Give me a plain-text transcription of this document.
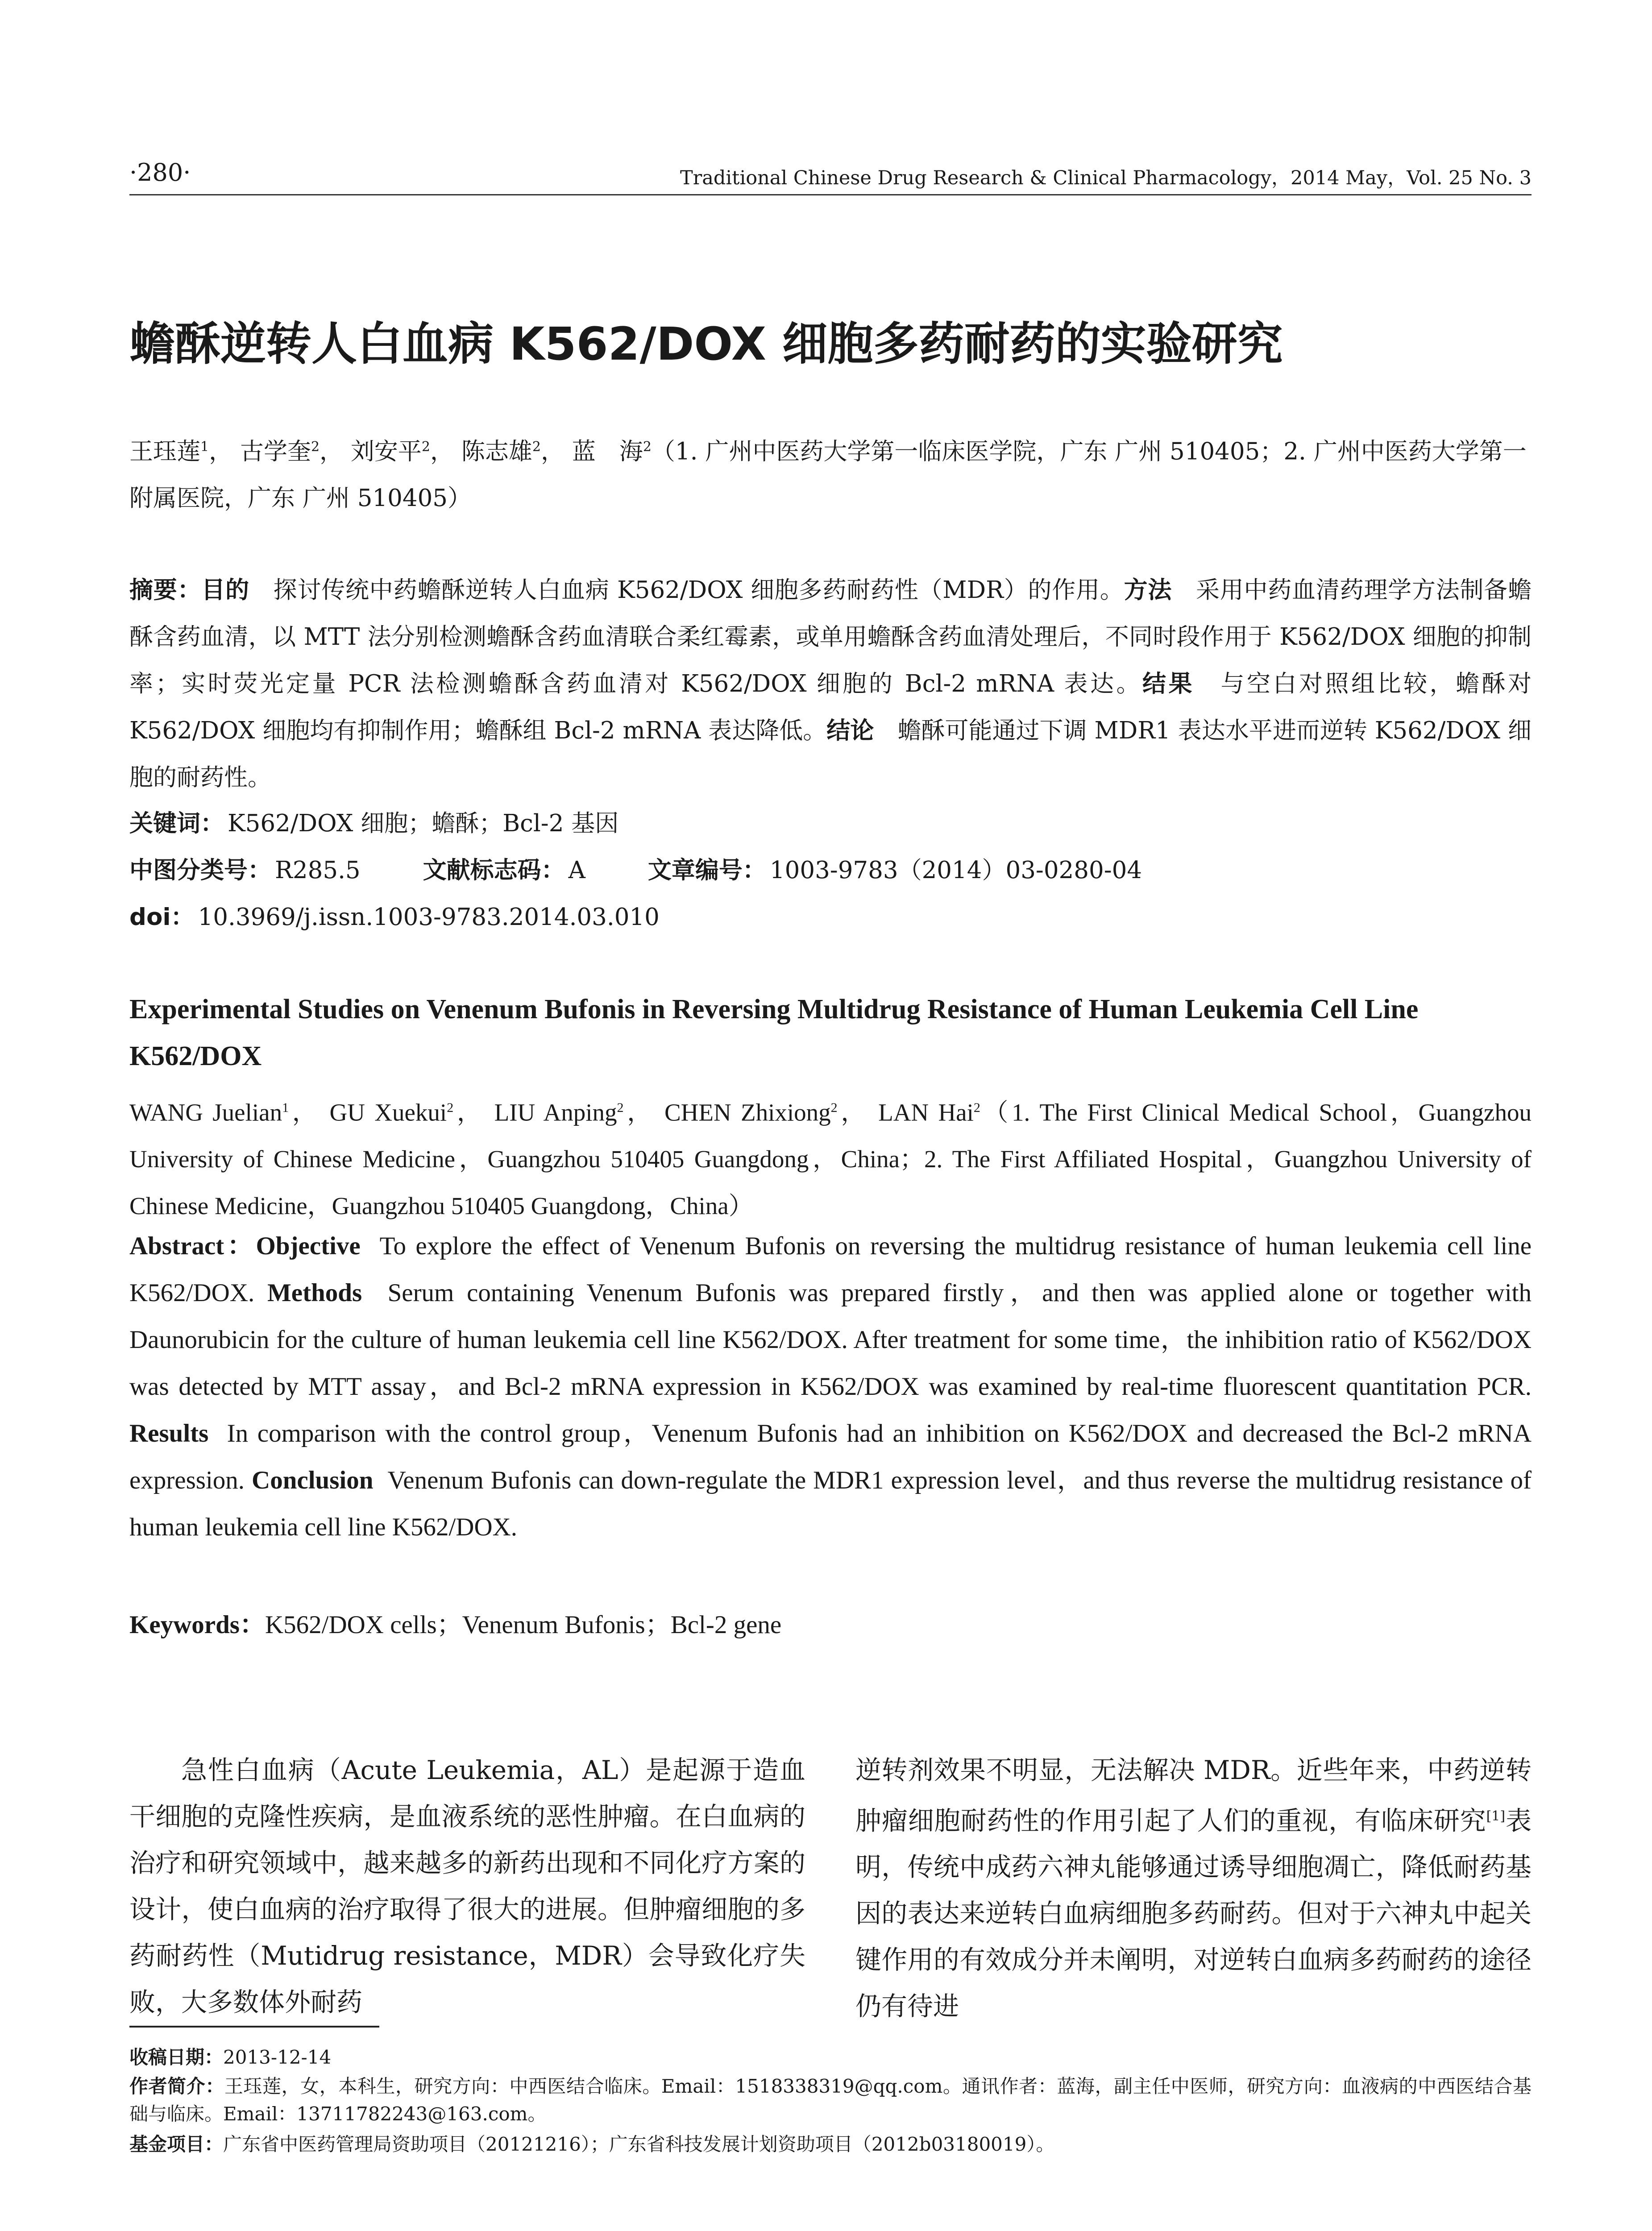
·280·	Traditional Chinese Drug Research & Clinical Pharmacology，2014 May，Vol. 25 No. 3
蟾酥逆转人白血病 K562/DOX 细胞多药耐药的实验研究
王珏莲$^1$， 古学奎$^2$， 刘安平$^2$， 陈志雄$^2$， 蓝　海$^2$（1. 广州中医药大学第一临床医学院，广东 广州 510405；2. 广州中医药大学第一附属医院，广东 广州 510405）
摘要：目的　 探讨传统中药蟾酥逆转人白血病 K562/DOX 细胞多药耐药性（MDR）的作用。方法　 采用中药血清药理学方法制备蟾酥含药血清，以 MTT 法分别检测蟾酥含药血清联合柔红霉素，或单用蟾酥含药血清处理后，不同时段作用于 K562/DOX 细胞的抑制率；实时荧光定量 PCR 法检测蟾酥含药血清对 K562/DOX 细胞的 Bcl-2 mRNA 表达。结果　 与空白对照组比较，蟾酥对 K562/DOX 细胞均有抑制作用；蟾酥组 Bcl-2 mRNA 表达降低。结论　 蟾酥可能通过下调 MDR1 表达水平进而逆转 K562/DOX 细胞的耐药性。
关键词： K562/DOX 细胞；蟾酥；Bcl-2 基因
中图分类号： R285.5	文献标志码： A	文章编号： 1003-9783（2014）03-0280-04
doi： 10.3969/j.issn.1003-9783.2014.03.010
Experimental Studies on Venenum Bufonis in Reversing Multidrug Resistance of Human Leukemia Cell Line K562/DOX
WANG Juelian$^1$， GU Xuekui$^2$， LIU Anping$^2$， CHEN Zhixiong$^2$， LAN Hai$^2$（1. The First Clinical Medical School，Guangzhou University of Chinese Medicine，Guangzhou 510405 Guangdong，China；2. The First Affiliated Hospital，Guangzhou University of Chinese Medicine，Guangzhou 510405 Guangdong，China）
Abstract：Objective To explore the effect of Venenum Bufonis on reversing the multidrug resistance of human leukemia cell line K562/DOX. Methods Serum containing Venenum Bufonis was prepared firstly，and then was applied alone or together with Daunorubicin for the culture of human leukemia cell line K562/DOX. After treatment for some time，the inhibition ratio of K562/DOX was detected by MTT assay，and Bcl-2 mRNA expression in K562/DOX was examined by real-time fluorescent quantitation PCR. Results In comparison with the control group，Venenum Bufonis had an inhibition on K562/DOX and decreased the Bcl-2 mRNA expression. Conclusion Venenum Bufonis can down-regulate the MDR1 expression level，and thus reverse the multidrug resistance of human leukemia cell line K562/DOX.
Keywords：K562/DOX cells；Venenum Bufonis；Bcl-2 gene
急性白血病（Acute Leukemia，AL）是起源于造血干细胞的克隆性疾病，是血液系统的恶性肿瘤。在白血病的治疗和研究领域中，越来越多的新药出现和不同化疗方案的设计，使白血病的治疗取得了很大的进展。但肿瘤细胞的多药耐药性（Mutidrug resistance，MDR）会导致化疗失败，大多数体外耐药
逆转剂效果不明显，无法解决 MDR。近些年来，中药逆转肿瘤细胞耐药性的作用引起了人们的重视，有临床研究[1]表明，传统中成药六神丸能够通过诱导细胞凋亡，降低耐药基因的表达来逆转白血病细胞多药耐药。但对于六神丸中起关键作用的有效成分并未阐明，对逆转白血病多药耐药的途径仍有待进
收稿日期：2013-12-14
作者简介：王珏莲，女，本科生，研究方向：中西医结合临床。Email：1518338319@qq.com。通讯作者：蓝海，副主任中医师，研究方向：血液病的中西医结合基础与临床。Email：13711782243@163.com。
基金项目：广东省中医药管理局资助项目（20121216）；广东省科技发展计划资助项目（2012b03180019）。
